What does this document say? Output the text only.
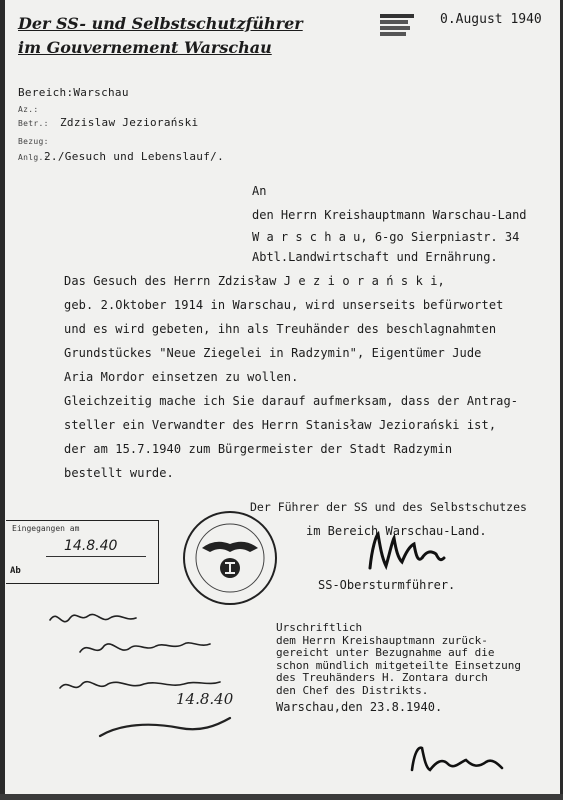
Der SS- und Selbstschutzführer
im Gouvernement Warschau
0.August 1940
Bereich:Warschau
Az.:
Betr.: Zdzislaw Jeziorański
Bezug:
Anlg.:2./Gesuch und Lebenslauf/.
An
den Herrn Kreishauptmann Warschau-Land
W a r s c h a u, 6-go Sierpniastr. 34
Abtl.Landwirtschaft und Ernährung.
Das Gesuch des Herrn Zdzisław J e z i o r a ń s k i,
geb. 2.Oktober 1914 in Warschau, wird unserseits befürwortet
und es wird gebeten, ihn als Treuhänder des beschlagnahmten
Grundstückes "Neue Ziegelei in Radzymin", Eigentümer Jude
Aria Mordor einsetzen zu wollen.
Gleichzeitig mache ich Sie darauf aufmerksam, dass der Antrag-
steller ein Verwandter des Herrn Stanisław Jeziorański ist,
der am 15.7.1940 zum Bürgermeister der Stadt Radzymin
bestellt wurde.
Der Führer der SS und des Selbstschutzes
im Bereich Warschau-Land.
SS-Obersturmführer.
Eingegangen am
14.8.40
Ab
Urschriftlich
dem Herrn Kreishauptmann zurück-
gereicht unter Bezugnahme auf die
schon mündlich mitgeteilte Einsetzung
des Treuhänders H. Zontara durch
den Chef des Distrikts.
Warschau,den 23.8.1940.
14.8.40
